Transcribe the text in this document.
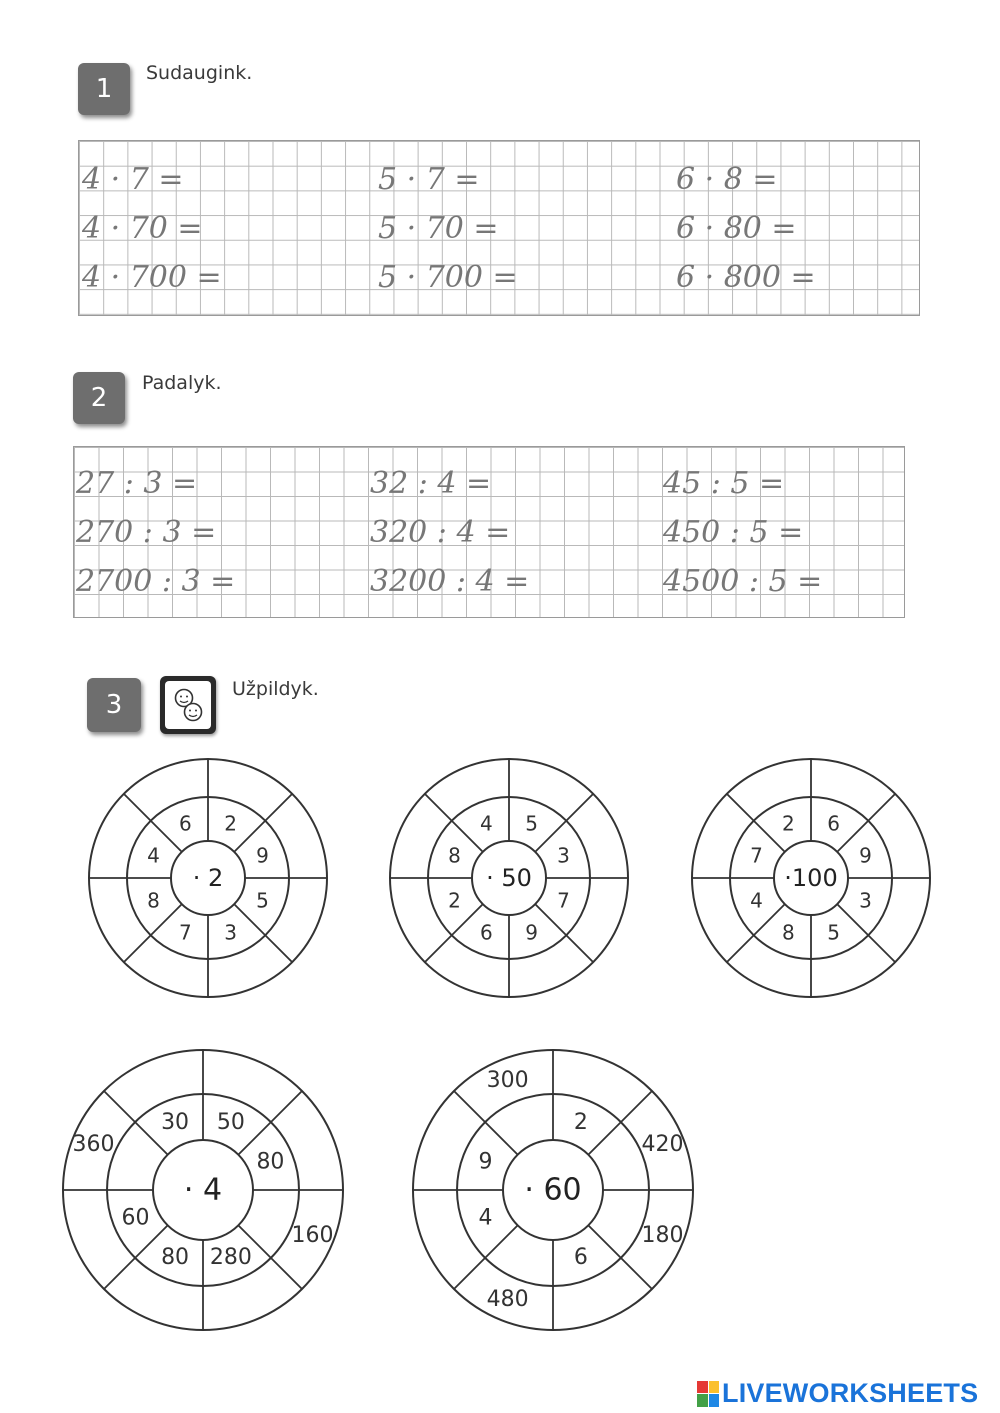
1
Sudaugink.
4 · 7 =
4 · 70 =
4 · 700 =
5 · 7 =
5 · 70 =
5 · 700 =
6 · 8 =
6 · 80 =
6 · 800 =
2	Padalyk.
27 : 3 =
270 : 3 =
2700 : 3 =
32 : 4 =
320 : 4 =
3200 : 4 =
45 : 5 =
450 : 5 =
4500 : 5 =
3
Užpildyk.
· 2
2
9
5
3
7
8
4
6
· 50
5
3
7
9
6
2
8
4
·100
6
9
3
5
8
4
7
2
· 4
50
80
160
280
80
60
360
30
· 60
2
420
180
6
480
4
9
300
LIVEWORKSHEETS
